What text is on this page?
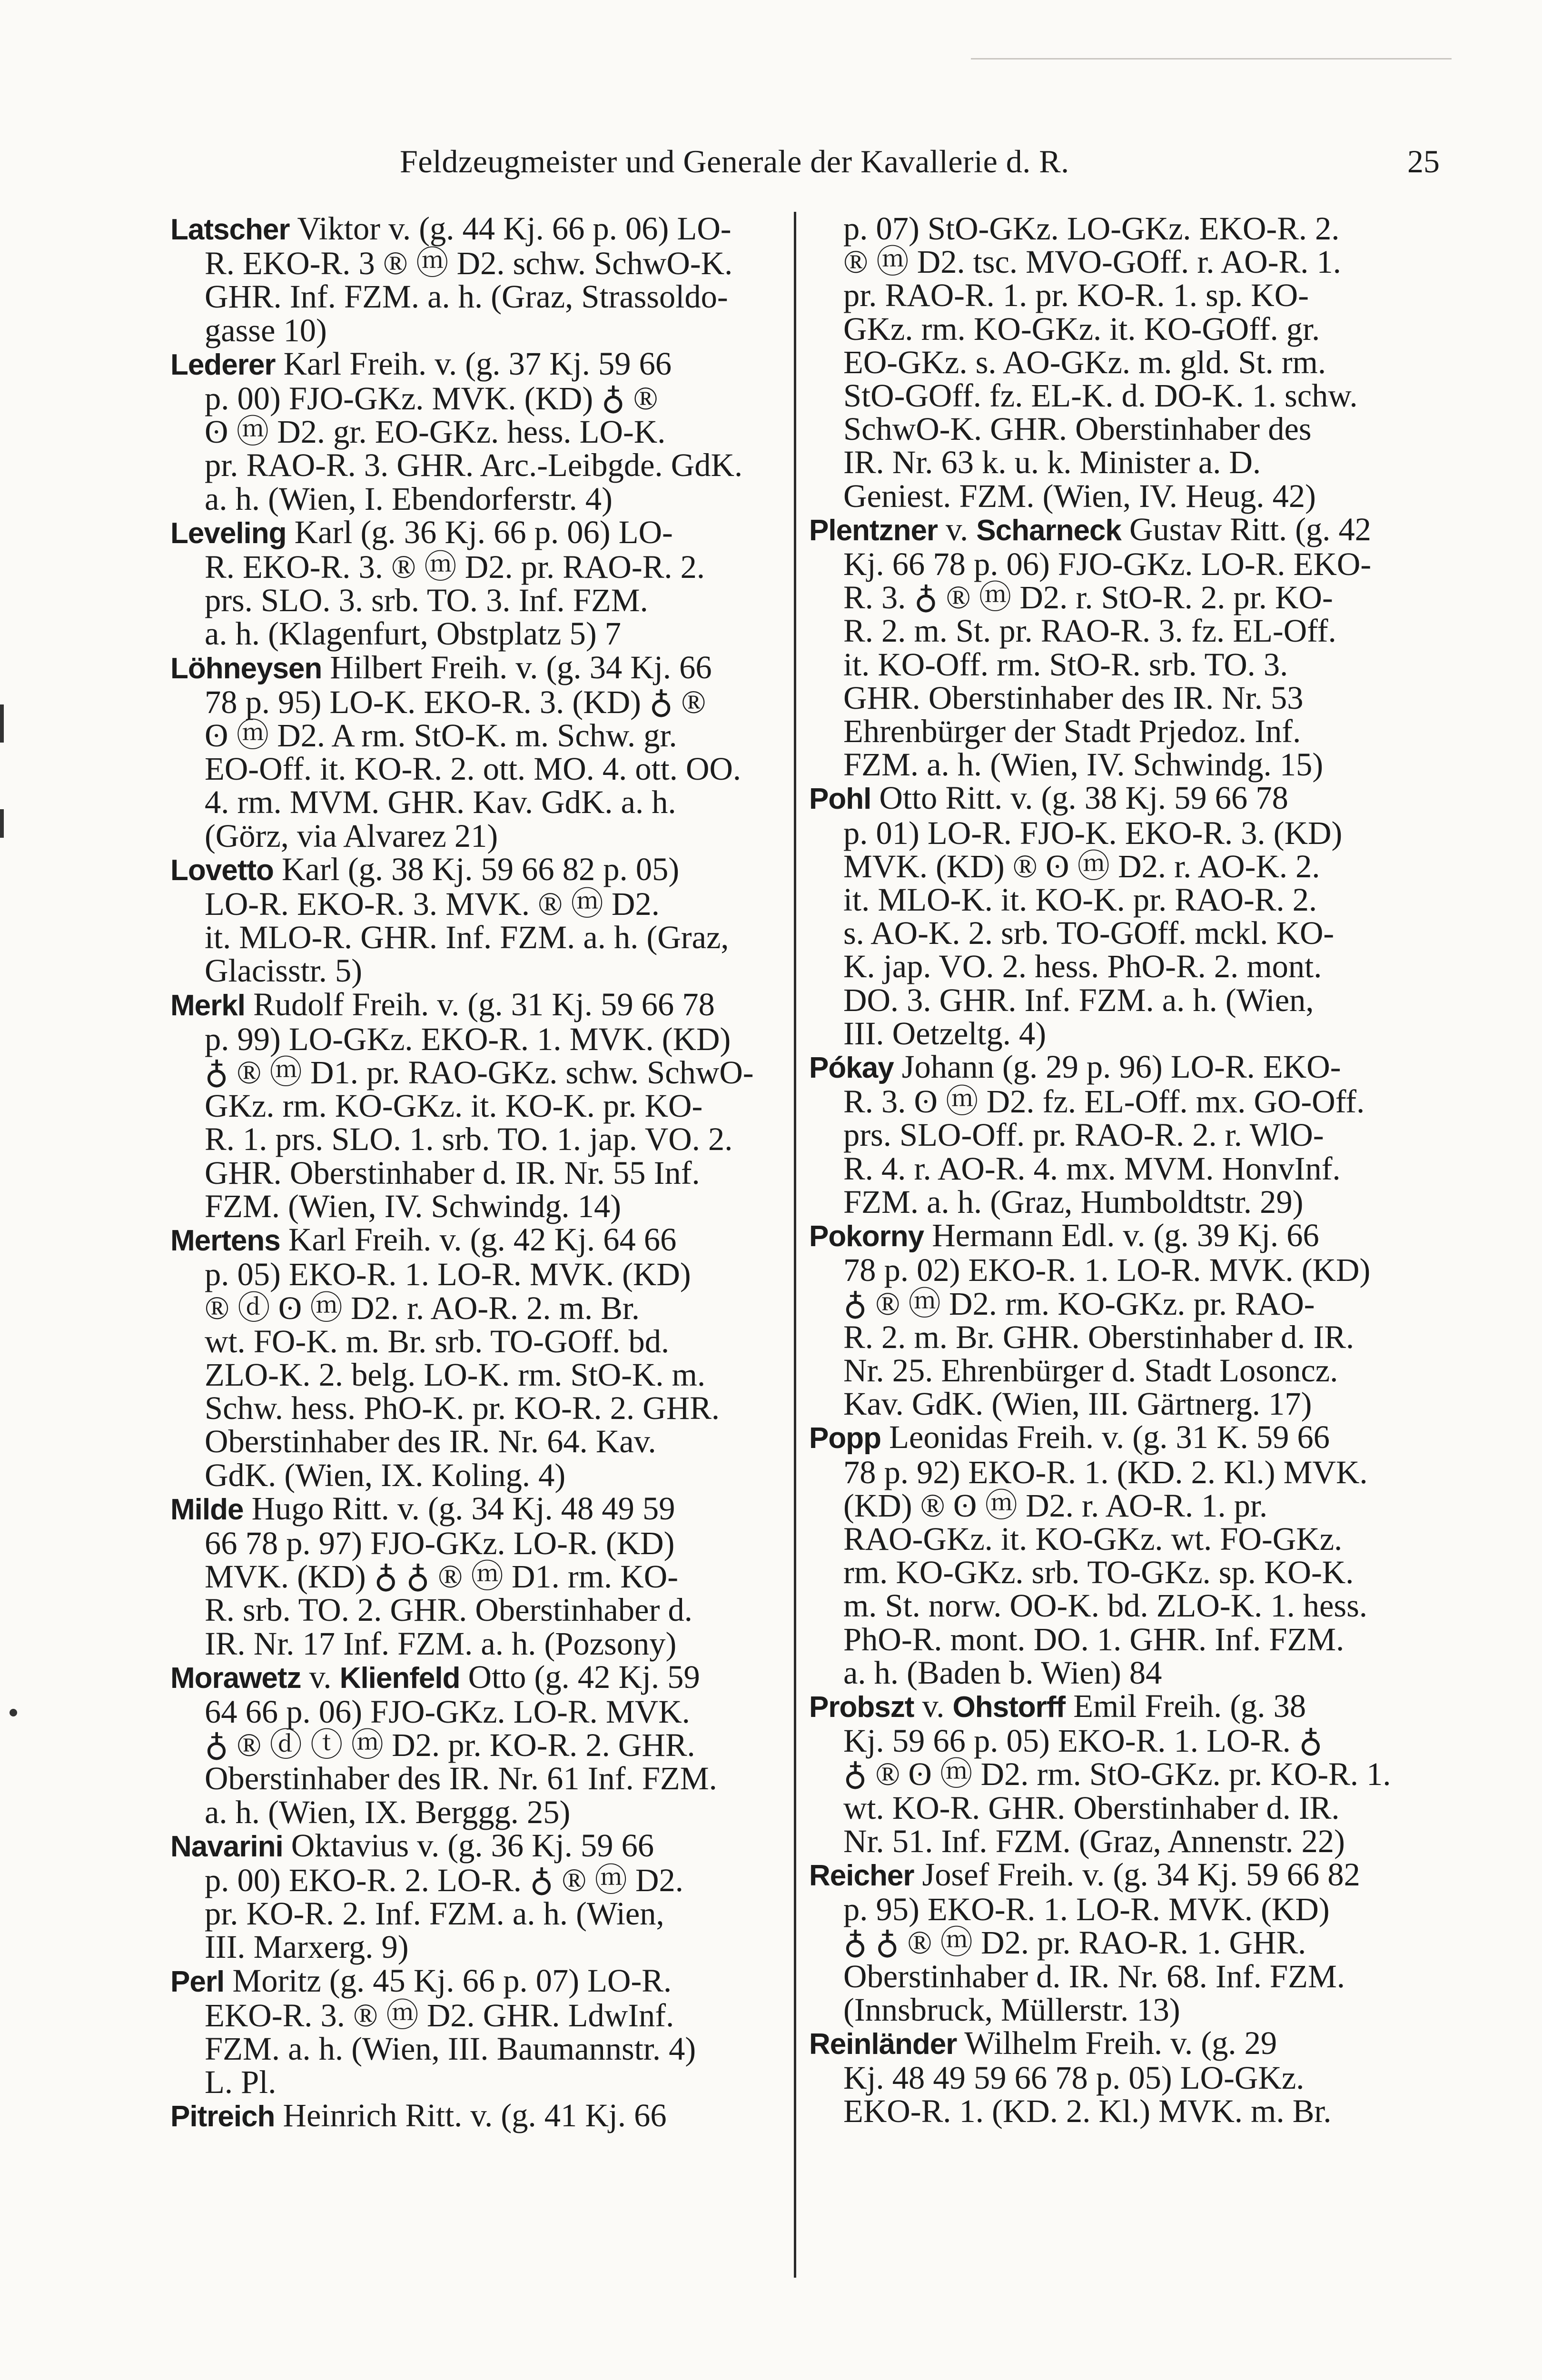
Feldzeugmeister und Generale der Kavallerie d. R.	25
Latscher Viktor v. (g. 44 Kj. 66 p. 06) LO-
R. EKO-R. 3 ® ⓜ D2. schw. SchwO-K.
GHR. Inf. FZM. a. h. (Graz, Strassoldo-
gasse 10)
Lederer Karl Freih. v. (g. 37 Kj. 59 66
p. 00) FJO-GKz. MVK. (KD) ♁ ®
ʘ ⓜ D2. gr. EO-GKz. hess. LO-K.
pr. RAO-R. 3. GHR. Arc.-Leibgde. GdK.
a. h. (Wien, I. Ebendorferstr. 4)
Leveling Karl (g. 36 Kj. 66 p. 06) LO-
R. EKO-R. 3. ® ⓜ D2. pr. RAO-R. 2.
prs. SLO. 3. srb. TO. 3. Inf. FZM.
a. h. (Klagenfurt, Obstplatz 5) 7
Löhneysen Hilbert Freih. v. (g. 34 Kj. 66
78 p. 95) LO-K. EKO-R. 3. (KD) ♁ ®
ʘ ⓜ D2. A rm. StO-K. m. Schw. gr.
EO-Off. it. KO-R. 2. ott. MO. 4. ott. OO.
4. rm. MVM. GHR. Kav. GdK. a. h.
(Görz, via Alvarez 21)
Lovetto Karl (g. 38 Kj. 59 66 82 p. 05)
LO-R. EKO-R. 3. MVK. ® ⓜ D2.
it. MLO-R. GHR. Inf. FZM. a. h. (Graz,
Glacisstr. 5)
Merkl Rudolf Freih. v. (g. 31 Kj. 59 66 78
p. 99) LO-GKz. EKO-R. 1. MVK. (KD)
♁ ® ⓜ D1. pr. RAO-GKz. schw. SchwO-
GKz. rm. KO-GKz. it. KO-K. pr. KO-
R. 1. prs. SLO. 1. srb. TO. 1. jap. VO. 2.
GHR. Oberstinhaber d. IR. Nr. 55 Inf.
FZM. (Wien, IV. Schwindg. 14)
Mertens Karl Freih. v. (g. 42 Kj. 64 66
p. 05) EKO-R. 1. LO-R. MVK. (KD)
® ⓓ ʘ ⓜ D2. r. AO-R. 2. m. Br.
wt. FO-K. m. Br. srb. TO-GOff. bd.
ZLO-K. 2. belg. LO-K. rm. StO-K. m.
Schw. hess. PhO-K. pr. KO-R. 2. GHR.
Oberstinhaber des IR. Nr. 64. Kav.
GdK. (Wien, IX. Koling. 4)
Milde Hugo Ritt. v. (g. 34 Kj. 48 49 59
66 78 p. 97) FJO-GKz. LO-R. (KD)
MVK. (KD) ♁ ♁ ® ⓜ D1. rm. KO-
R. srb. TO. 2. GHR. Oberstinhaber d.
IR. Nr. 17 Inf. FZM. a. h. (Pozsony)
Morawetz v. Klienfeld Otto (g. 42 Kj. 59
64 66 p. 06) FJO-GKz. LO-R. MVK.
♁ ® ⓓ ⓣ ⓜ D2. pr. KO-R. 2. GHR.
Oberstinhaber des IR. Nr. 61 Inf. FZM.
a. h. (Wien, IX. Berggg. 25)
Navarini Oktavius v. (g. 36 Kj. 59 66
p. 00) EKO-R. 2. LO-R. ♁ ® ⓜ D2.
pr. KO-R. 2. Inf. FZM. a. h. (Wien,
III. Marxerg. 9)
Perl Moritz (g. 45 Kj. 66 p. 07) LO-R.
EKO-R. 3. ® ⓜ D2. GHR. LdwInf.
FZM. a. h. (Wien, III. Baumannstr. 4)
L. Pl.
Pitreich Heinrich Ritt. v. (g. 41 Kj. 66
p. 07) StO-GKz. LO-GKz. EKO-R. 2.
® ⓜ D2. tsc. MVO-GOff. r. AO-R. 1.
pr. RAO-R. 1. pr. KO-R. 1. sp. KO-
GKz. rm. KO-GKz. it. KO-GOff. gr.
EO-GKz. s. AO-GKz. m. gld. St. rm.
StO-GOff. fz. EL-K. d. DO-K. 1. schw.
SchwO-K. GHR. Oberstinhaber des
IR. Nr. 63 k. u. k. Minister a. D.
Geniest. FZM. (Wien, IV. Heug. 42)
Plentzner v. Scharneck Gustav Ritt. (g. 42
Kj. 66 78 p. 06) FJO-GKz. LO-R. EKO-
R. 3. ♁ ® ⓜ D2. r. StO-R. 2. pr. KO-
R. 2. m. St. pr. RAO-R. 3. fz. EL-Off.
it. KO-Off. rm. StO-R. srb. TO. 3.
GHR. Oberstinhaber des IR. Nr. 53
Ehrenbürger der Stadt Prjedoz. Inf.
FZM. a. h. (Wien, IV. Schwindg. 15)
Pohl Otto Ritt. v. (g. 38 Kj. 59 66 78
p. 01) LO-R. FJO-K. EKO-R. 3. (KD)
MVK. (KD) ® ʘ ⓜ D2. r. AO-K. 2.
it. MLO-K. it. KO-K. pr. RAO-R. 2.
s. AO-K. 2. srb. TO-GOff. mckl. KO-
K. jap. VO. 2. hess. PhO-R. 2. mont.
DO. 3. GHR. Inf. FZM. a. h. (Wien,
III. Oetzeltg. 4)
Pókay Johann (g. 29 p. 96) LO-R. EKO-
R. 3. ʘ ⓜ D2. fz. EL-Off. mx. GO-Off.
prs. SLO-Off. pr. RAO-R. 2. r. WlO-
R. 4. r. AO-R. 4. mx. MVM. HonvInf.
FZM. a. h. (Graz, Humboldtstr. 29)
Pokorny Hermann Edl. v. (g. 39 Kj. 66
78 p. 02) EKO-R. 1. LO-R. MVK. (KD)
♁ ® ⓜ D2. rm. KO-GKz. pr. RAO-
R. 2. m. Br. GHR. Oberstinhaber d. IR.
Nr. 25. Ehrenbürger d. Stadt Losoncz.
Kav. GdK. (Wien, III. Gärtnerg. 17)
Popp Leonidas Freih. v. (g. 31 K. 59 66
78 p. 92) EKO-R. 1. (KD. 2. Kl.) MVK.
(KD) ® ʘ ⓜ D2. r. AO-R. 1. pr.
RAO-GKz. it. KO-GKz. wt. FO-GKz.
rm. KO-GKz. srb. TO-GKz. sp. KO-K.
m. St. norw. OO-K. bd. ZLO-K. 1. hess.
PhO-R. mont. DO. 1. GHR. Inf. FZM.
a. h. (Baden b. Wien) 84
Probszt v. Ohstorff Emil Freih. (g. 38
Kj. 59 66 p. 05) EKO-R. 1. LO-R. ♁
♁ ® ʘ ⓜ D2. rm. StO-GKz. pr. KO-R. 1.
wt. KO-R. GHR. Oberstinhaber d. IR.
Nr. 51. Inf. FZM. (Graz, Annenstr. 22)
Reicher Josef Freih. v. (g. 34 Kj. 59 66 82
p. 95) EKO-R. 1. LO-R. MVK. (KD)
♁ ♁ ® ⓜ D2. pr. RAO-R. 1. GHR.
Oberstinhaber d. IR. Nr. 68. Inf. FZM.
(Innsbruck, Müllerstr. 13)
Reinländer Wilhelm Freih. v. (g. 29
Kj. 48 49 59 66 78 p. 05) LO-GKz.
EKO-R. 1. (KD. 2. Kl.) MVK. m. Br.
